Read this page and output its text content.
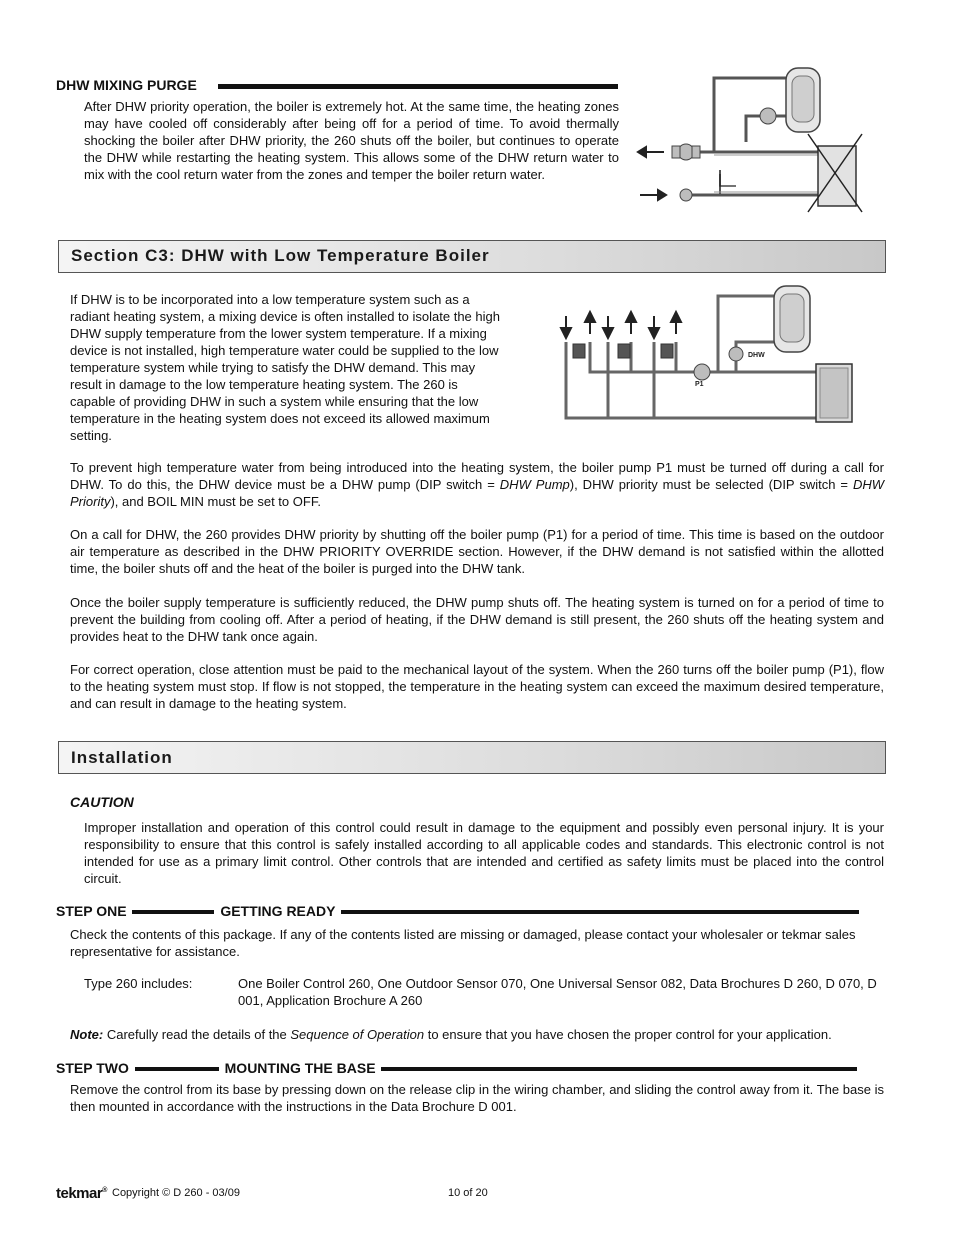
DHW MIXING PURGE

After DHW priority operation, the boiler is extremely hot. At the same time, the heating zones may have cooled off considerably after being off for a period of time. To avoid thermally shocking the boiler after DHW priority, the 260 shuts off the boiler, but continues to operate the DHW while restarting the heating system. This allows some of the DHW return water to mix with the cool return water from the zones and temper the boiler return water.

Section C3: DHW with Low Temperature Boiler

If DHW is to be incorporated into a low temperature system such as a radiant heating system, a mixing device is often installed to isolate the high DHW supply temperature from the lower system temperature. If a mixing device is not installed, high temperature water could be supplied to the low temperature system while trying to satisfy the DHW demand. This may result in damage to the low temperature heating system. The 260 is capable of providing DHW in such a system while ensuring that the low temperature in the heating system does not exceed its allowed maximum setting.

P1
DHW

To prevent high temperature water from being introduced into the heating system, the boiler pump P1 must be turned off during a call for DHW. To do this, the DHW device must be a DHW pump (DIP switch = DHW Pump), DHW priority must be selected (DIP switch = DHW Priority), and BOIL MIN must be set to OFF.

On a call for DHW, the 260 provides DHW priority by shutting off the boiler pump (P1) for a period of time. This time is based on the outdoor air temperature as described in the DHW PRIORITY OVERRIDE section. However, if the DHW demand is not satisfied within the allotted time, the boiler shuts off and the heat of the boiler is purged into the DHW tank.

Once the boiler supply temperature is sufficiently reduced, the DHW pump shuts off. The heating system is turned on for a period of time to prevent the building from cooling off. After a period of heating, if the DHW demand is still present, the 260 shuts off the heating system and provides heat to the DHW tank once again.

For correct operation, close attention must be paid to the mechanical layout of the system. When the 260 turns off the boiler pump (P1), flow to the heating system must stop. If flow is not stopped, the temperature in the heating system can exceed the maximum desired temperature, and can result in damage to the heating system.

Installation
CAUTION

Improper installation and operation of this control could result in damage to the equipment and possibly even personal injury. It is your responsibility to ensure that this control is safely installed according to all applicable codes and standards. This electronic control is not intended for use as a primary limit control. Other controls that are intended and certified as safety limits must be placed into the control circuit.

STEP ONE	GETTING READY

Check the contents of this package. If any of the contents listed are missing or damaged, please contact your wholesaler or tekmar sales representative for assistance.

Type 260 includes:	One Boiler Control 260, One Outdoor Sensor 070, One Universal Sensor 082, Data Brochures D 260, D 070, D 001, Application Brochure A 260

Note: Carefully read the details of the Sequence of Operation to ensure that you have chosen the proper control for your application.

STEP TWO	MOUNTING THE BASE

Remove the control from its base by pressing down on the release clip in the wiring chamber, and sliding the control away from it. The base is then mounted in accordance with the instructions in the Data Brochure D 001.

tekmar® Copyright © D 260 - 03/09	10 of 20
